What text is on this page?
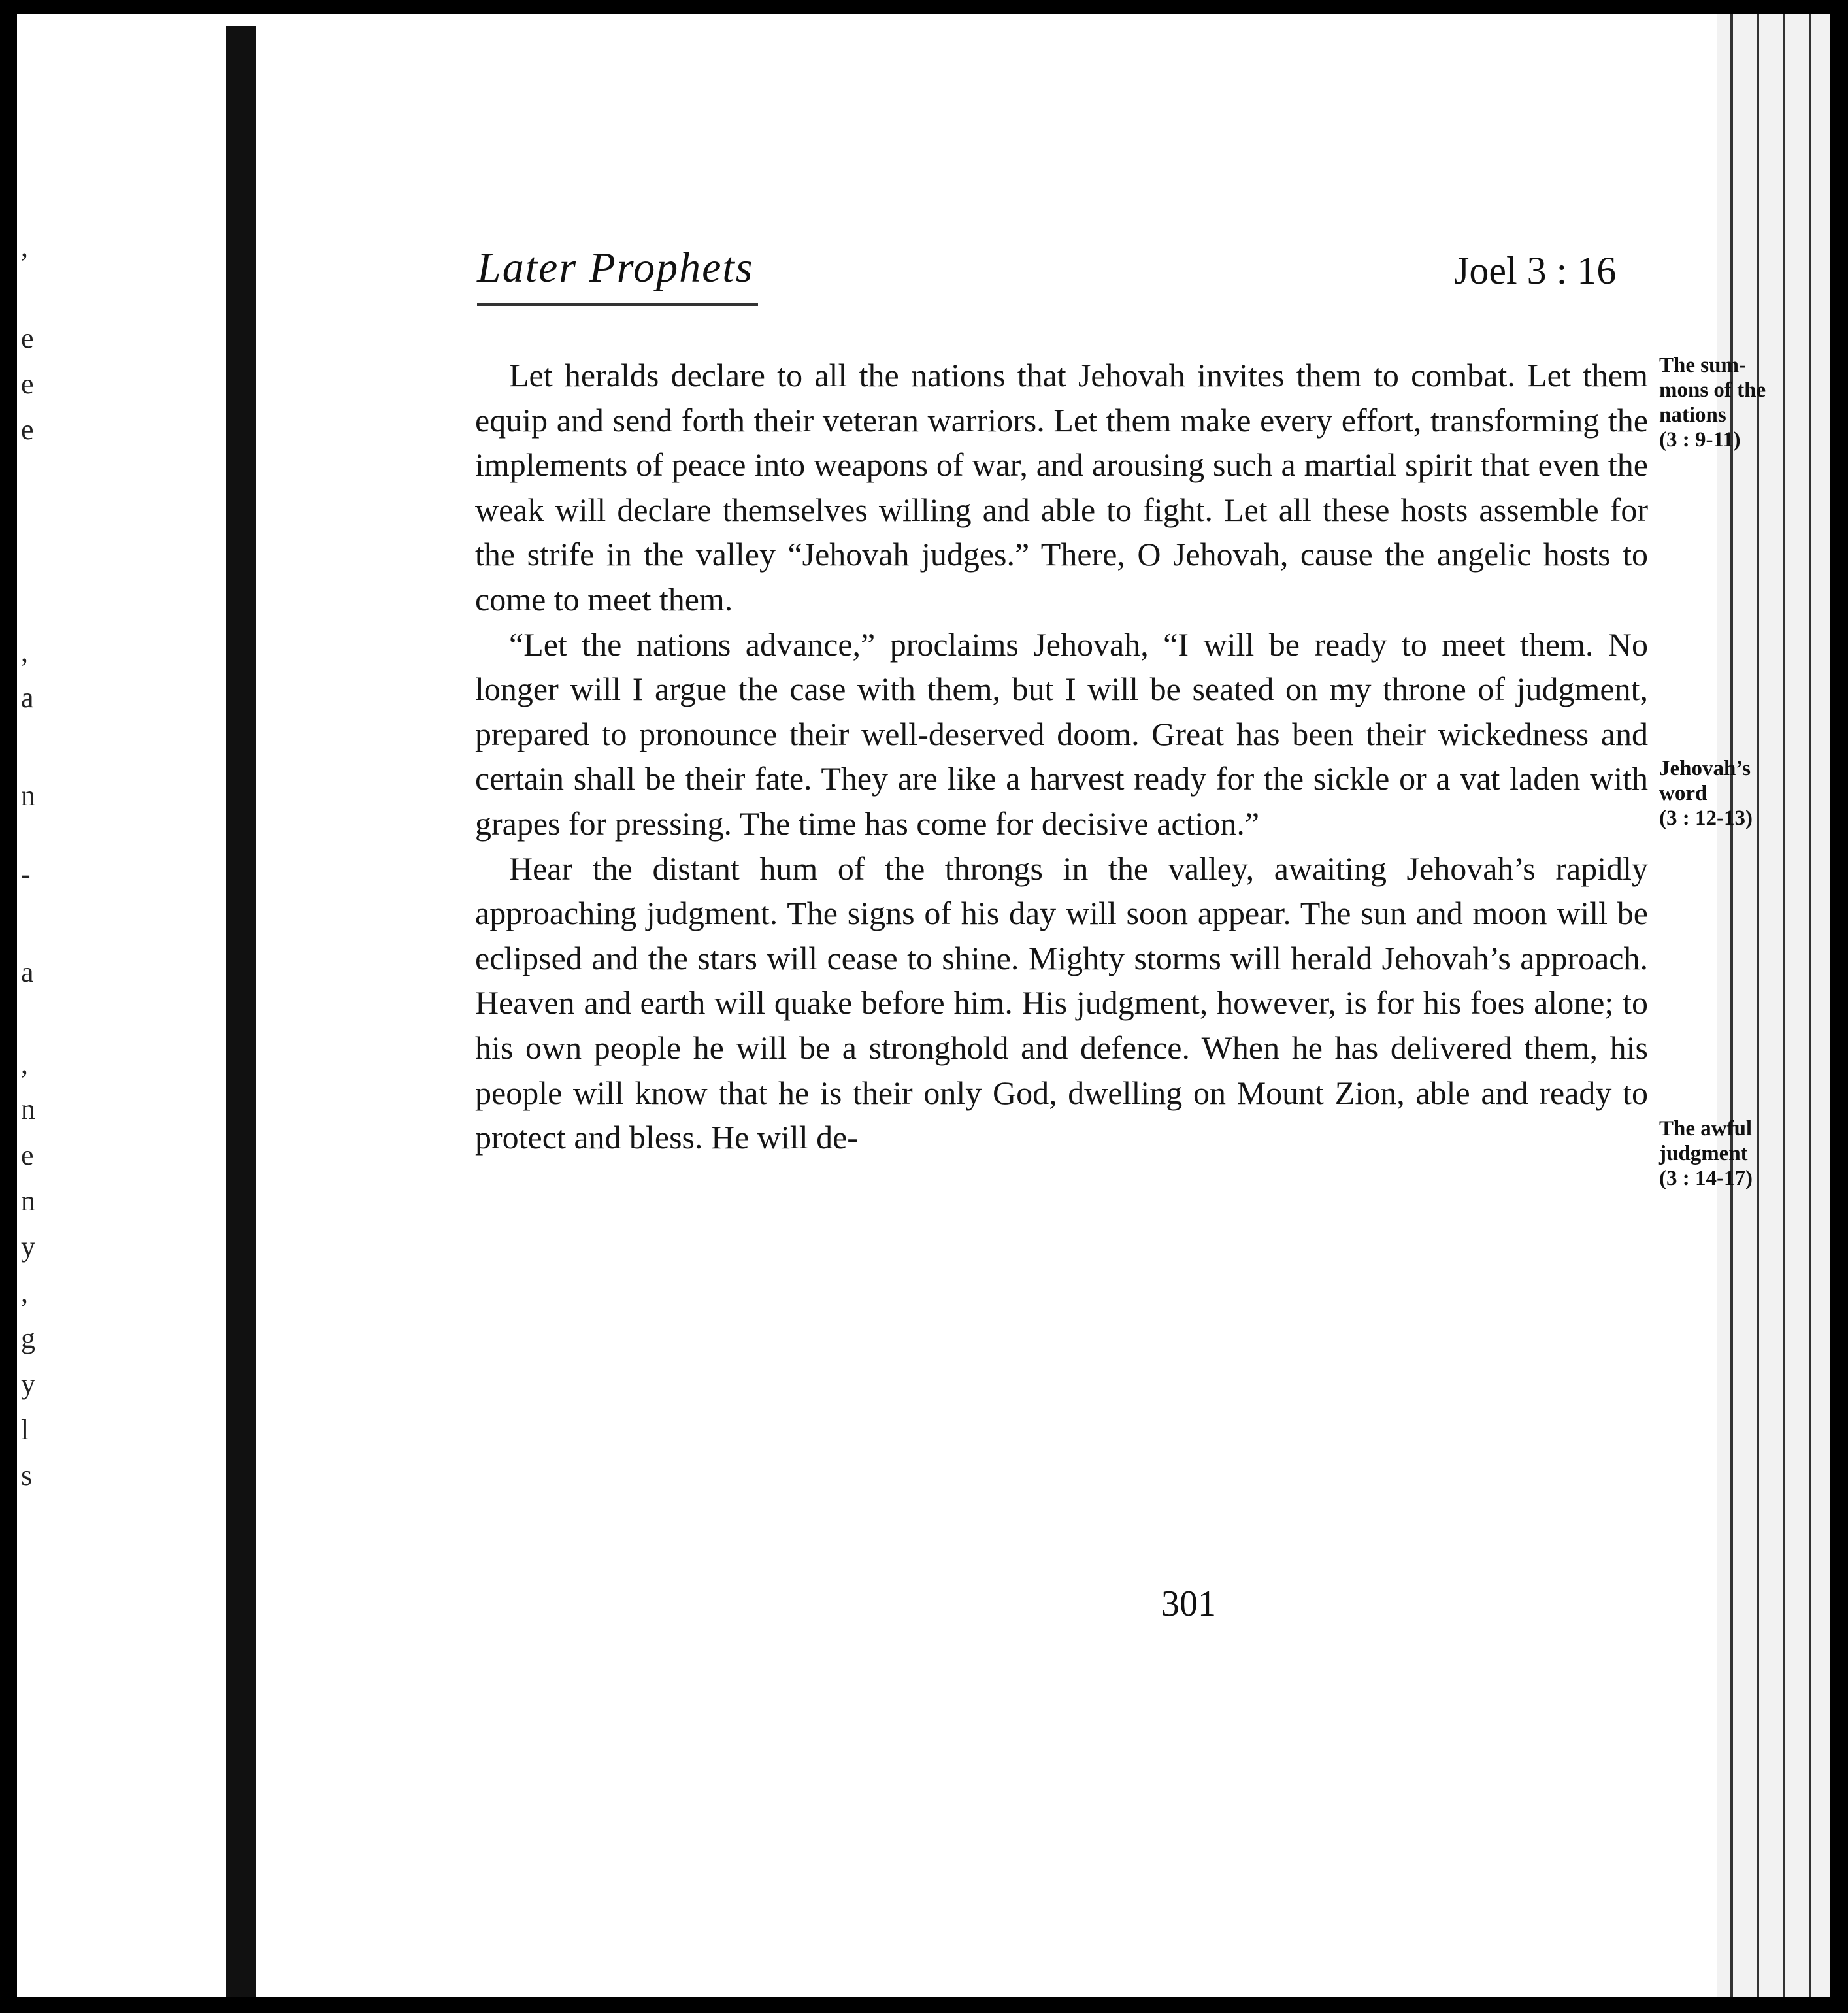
,
e
e
e
,
a
n
-
a
,
n
e
n
y
,
g
y
l
s
Later Prophets	Joel 3 : 16

Let heralds declare to all the nations that Jehovah invites them to combat. Let them equip and send forth their veteran warriors. Let them make every effort, transforming the implements of peace into weapons of war, and arousing such a martial spirit that even the weak will declare themselves willing and able to fight. Let all these hosts assemble for the strife in the valley “Jehovah judges.” There, O Jehovah, cause the angelic hosts to come to meet them.

“Let the nations advance,” proclaims Jehovah, “I will be ready to meet them. No longer will I argue the case with them, but I will be seated on my throne of judgment, prepared to pronounce their well-deserved doom. Great has been their wickedness and certain shall be their fate. They are like a harvest ready for the sickle or a vat laden with grapes for pressing. The time has come for decisive action.”

Hear the distant hum of the throngs in the valley, awaiting Jehovah’s rapidly approaching judgment. The signs of his day will soon appear. The sun and moon will be eclipsed and the stars will cease to shine. Mighty storms will herald Jehovah’s approach. Heaven and earth will quake before him. His judgment, however, is for his foes alone; to his own people he will be a stronghold and defence. When he has delivered them, his people will know that he is their only God, dwelling on Mount Zion, able and ready to protect and bless. He will de-

The sum-
mons of the
nations
(3 : 9-11)
Jehovah’s
word
(3 : 12-13)
The awful
judgment
(3 : 14-17)
301
